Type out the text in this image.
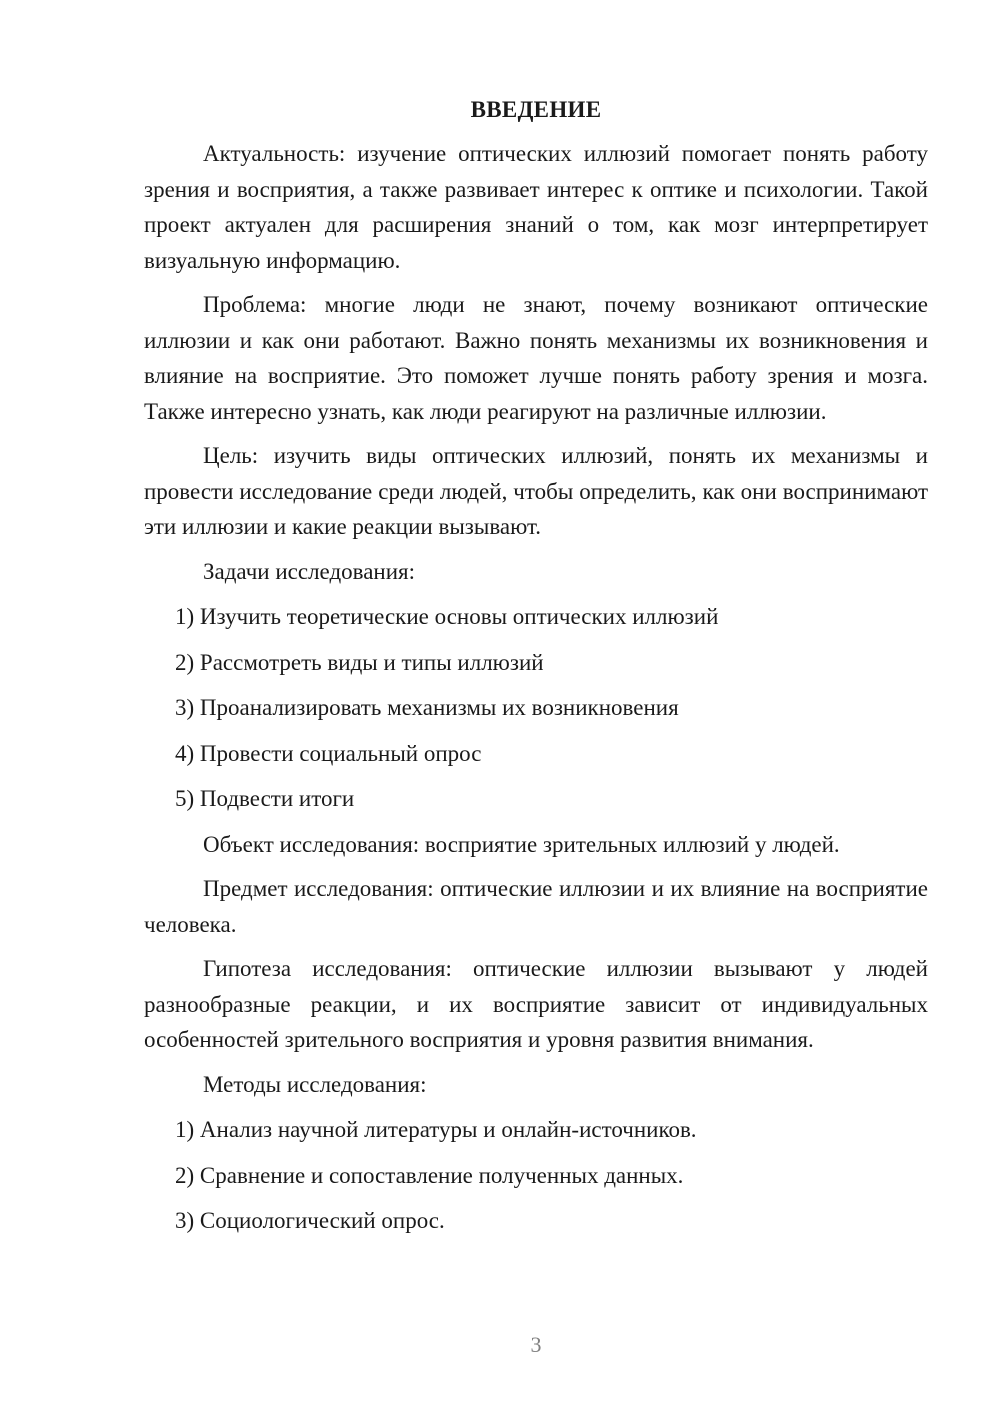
ВВЕДЕНИЕ

Актуальность: изучение оптических иллюзий помогает понять работу зрения и восприятия, а также развивает интерес к оптике и психологии. Такой проект актуален для расширения знаний о том, как мозг интерпретирует визуальную информацию.

Проблема: многие люди не знают, почему возникают оптические иллюзии и как они работают. Важно понять механизмы их возникновения и влияние на восприятие. Это поможет лучше понять работу зрения и мозга. Также интересно узнать, как люди реагируют на различные иллюзии.

Цель: изучить виды оптических иллюзий, понять их механизмы и провести исследование среди людей, чтобы определить, как они воспринимают эти иллюзии и какие реакции вызывают.

Задачи исследования:

1) Изучить теоретические основы оптических иллюзий
2) Рассмотреть виды и типы иллюзий
3) Проанализировать механизмы их возникновения
4) Провести социальный опрос
5) Подвести итоги

Объект исследования: восприятие зрительных иллюзий у людей.

Предмет исследования: оптические иллюзии и их влияние на восприятие человека.

Гипотеза исследования: оптические иллюзии вызывают у людей разнообразные реакции, и их восприятие зависит от индивидуальных особенностей зрительного восприятия и уровня развития внимания.

Методы исследования:

1) Анализ научной литературы и онлайн-источников.
2) Сравнение и сопоставление полученных данных.
3) Социологический опрос.
3
